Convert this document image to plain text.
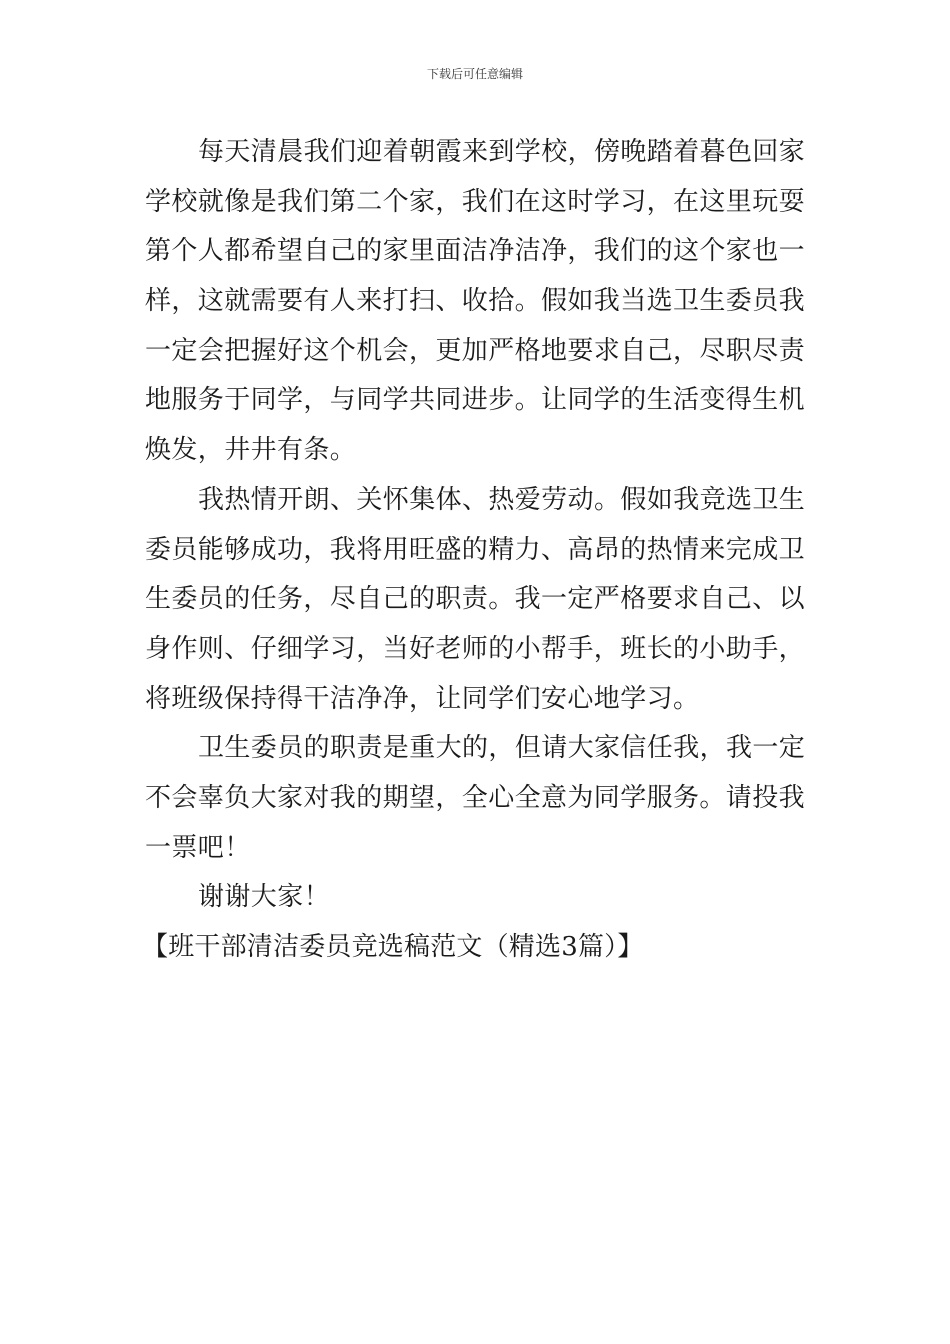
下载后可任意编辑
每天清晨我们迎着朝霞来到学校，傍晚踏着暮色回家
学校就像是我们第二个家，我们在这时学习，在这里玩耍
第个人都希望自己的家里面洁净洁净，我们的这个家也一
样，这就需要有人来打扫、收拾。假如我当选卫生委员我
一定会把握好这个机会，更加严格地要求自己，尽职尽责
地服务于同学，与同学共同进步。让同学的生活变得生机
焕发，井井有条。
我热情开朗、关怀集体、热爱劳动。假如我竞选卫生
委员能够成功，我将用旺盛的精力、高昂的热情来完成卫
生委员的任务，尽自己的职责。我一定严格要求自己、以
身作则、仔细学习，当好老师的小帮手，班长的小助手，
将班级保持得干洁净净，让同学们安心地学习。
卫生委员的职责是重大的，但请大家信任我，我一定
不会辜负大家对我的期望，全心全意为同学服务。请投我
一票吧！
谢谢大家！
【班干部清洁委员竞选稿范文（精选3篇）】
